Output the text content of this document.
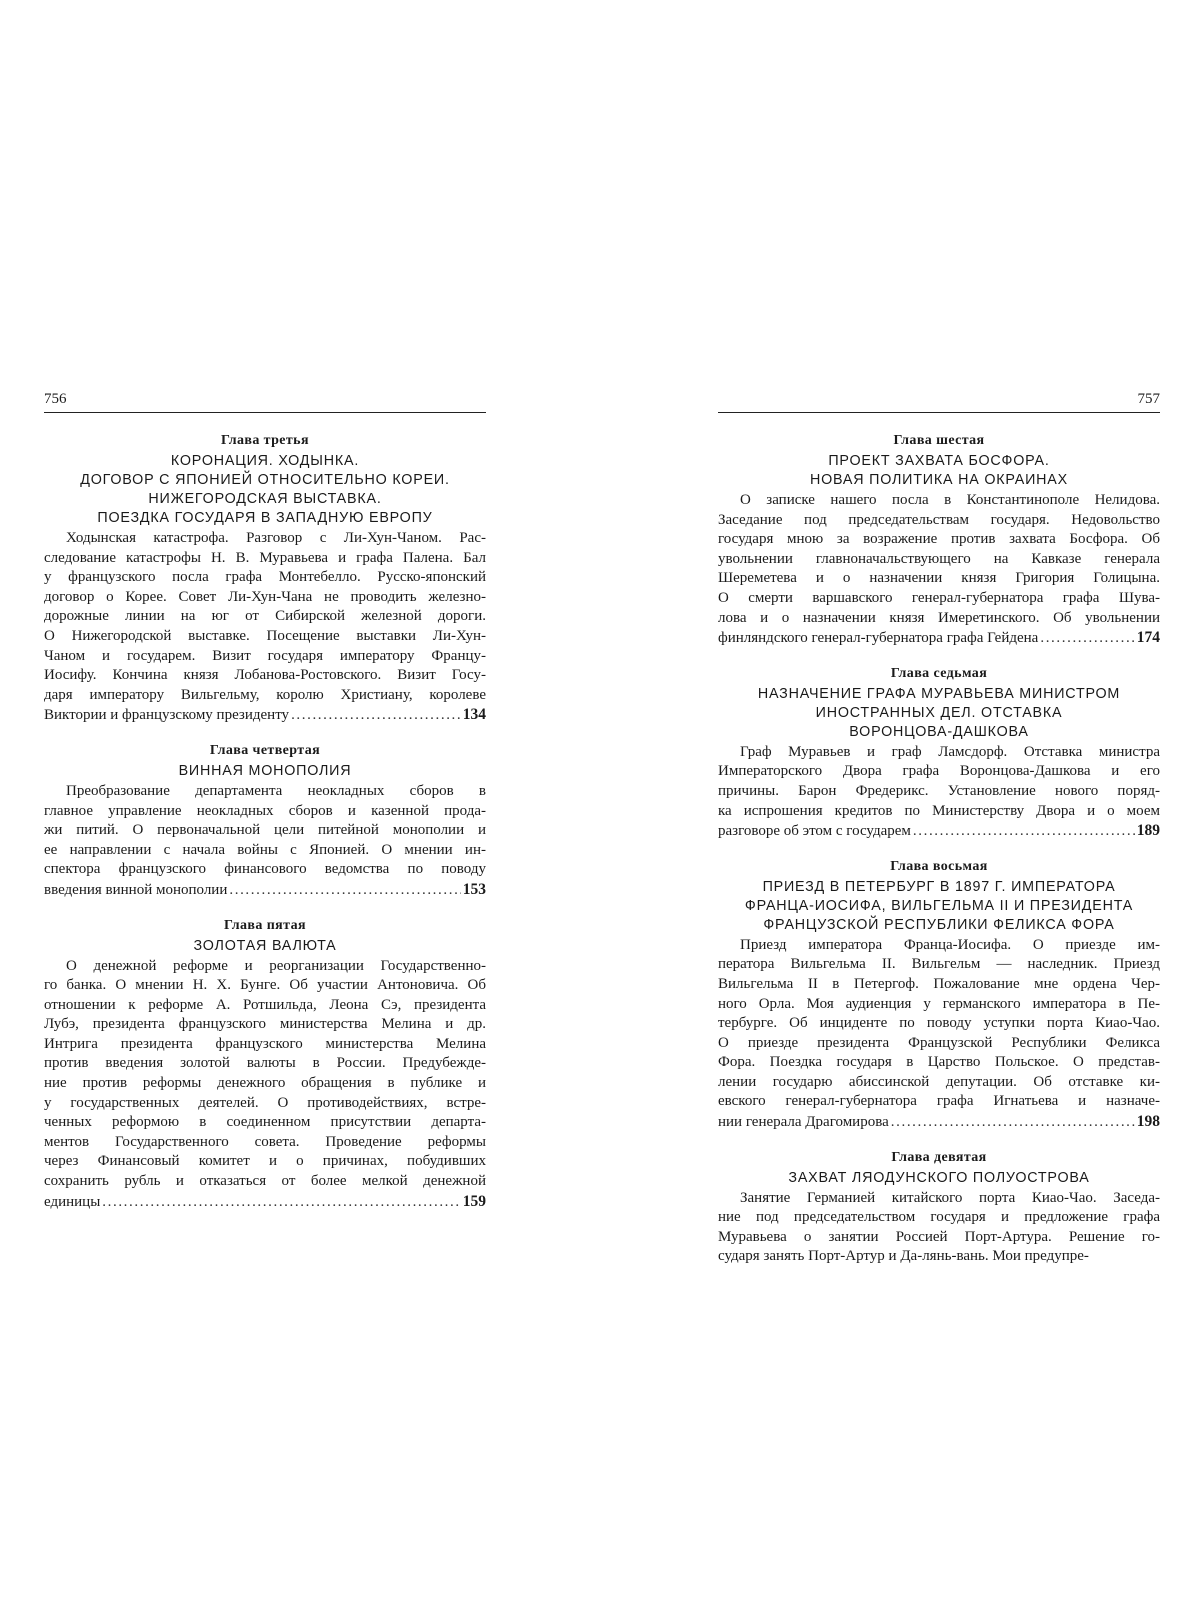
756
Глава третья
КОРОНАЦИЯ. ХОДЫНКА.
ДОГОВОР С ЯПОНИЕЙ ОТНОСИТЕЛЬНО КОРЕИ.
НИЖЕГОРОДСКАЯ ВЫСТАВКА.
ПОЕЗДКА ГОСУДАРЯ В ЗАПАДНУЮ ЕВРОПУ
Ходынская катастрофа. Разговор с Ли-Хун-Чаном. Рас-
следование катастрофы Н. В. Муравьева и графа Палена. Бал
у французского посла графа Монтебелло. Русско-японский
договор о Корее. Совет Ли-Хун-Чана не проводить железно-
дорожные линии на юг от Сибирской железной дороги.
О Нижегородской выставке. Посещение выставки Ли-Хун-
Чаном и государем. Визит государя императору Францу-
Иосифу. Кончина князя Лобанова-Ростовского. Визит Госу-
даря императору Вильгельму, королю Христиану, королеве
Виктории и французскому президенту .....	134
Глава четвертая
ВИННАЯ МОНОПОЛИЯ
Преобразование департамента неокладных сборов в
главное управление неокладных сборов и казенной прода-
жи питий. О первоначальной цели питейной монополии и
ее направлении с начала войны с Японией. О мнении ин-
спектора французского финансового ведомства по поводу
введения винной монополии .....	153
Глава пятая
ЗОЛОТАЯ ВАЛЮТА
О денежной реформе и реорганизации Государственно-
го банка. О мнении Н. Х. Бунге. Об участии Антоновича. Об
отношении к реформе А. Ротшильда, Леона Сэ, президента
Лубэ, президента французского министерства Мелина и др.
Интрига президента французского министерства Мелина
против введения золотой валюты в России. Предубежде-
ние против реформы денежного обращения в публике и
у государственных деятелей. О противодействиях, встре-
ченных реформою в соединенном присутствии департа-
ментов Государственного совета. Проведение реформы
через Финансовый комитет и о причинах, побудивших
сохранить рубль и отказаться от более мелкой денежной
единицы .....	159
757
Глава шестая
ПРОЕКТ ЗАХВАТА БОСФОРА.
НОВАЯ ПОЛИТИКА НА ОКРАИНАХ
О записке нашего посла в Константинополе Нелидова.
Заседание под председательствам государя. Недовольство
государя мною за возражение против захвата Босфора. Об
увольнении главноначальствующего на Кавказе генерала
Шереметева и о назначении князя Григория Голицына.
О смерти варшавского генерал-губернатора графа Шува-
лова и о назначении князя Имеретинского. Об увольнении
финляндского генерал-губернатора графа Гейдена .....	174
Глава седьмая
НАЗНАЧЕНИЕ ГРАФА МУРАВЬЕВА МИНИСТРОМ
ИНОСТРАННЫХ ДЕЛ. ОТСТАВКА
ВОРОНЦОВА-ДАШКОВА
Граф Муравьев и граф Ламсдорф. Отставка министра
Императорского Двора графа Воронцова-Дашкова и его
причины. Барон Фредерикс. Установление нового поряд-
ка испрошения кредитов по Министерству Двора и о моем
разговоре об этом с государем .....	189
Глава восьмая
ПРИЕЗД В ПЕТЕРБУРГ В 1897 Г. ИМПЕРАТОРА
ФРАНЦА-ИОСИФА, ВИЛЬГЕЛЬМА II И ПРЕЗИДЕНТА
ФРАНЦУЗСКОЙ РЕСПУБЛИКИ ФЕЛИКСА ФОРА
Приезд императора Франца-Иосифа. О приезде им-
ператора Вильгельма II. Вильгельм — наследник. Приезд
Вильгельма II в Петергоф. Пожалование мне ордена Чер-
ного Орла. Моя аудиенция у германского императора в Пе-
тербурге. Об инциденте по поводу уступки порта Киао-Чао.
О приезде президента Французской Республики Феликса
Фора. Поездка государя в Царство Польское. О представ-
лении государю абиссинской депутации. Об отставке ки-
евского генерал-губернатора графа Игнатьева и назначе-
нии генерала Драгомирова .....	198
Глава девятая
ЗАХВАТ ЛЯОДУНСКОГО ПОЛУОСТРОВА
Занятие Германией китайского порта Киао-Чао. Заседа-
ние под председательством государя и предложение графа
Муравьева о занятии Россией Порт-Артура. Решение го-
сударя занять Порт-Артур и Да-лянь-вань. Мои предупре-
